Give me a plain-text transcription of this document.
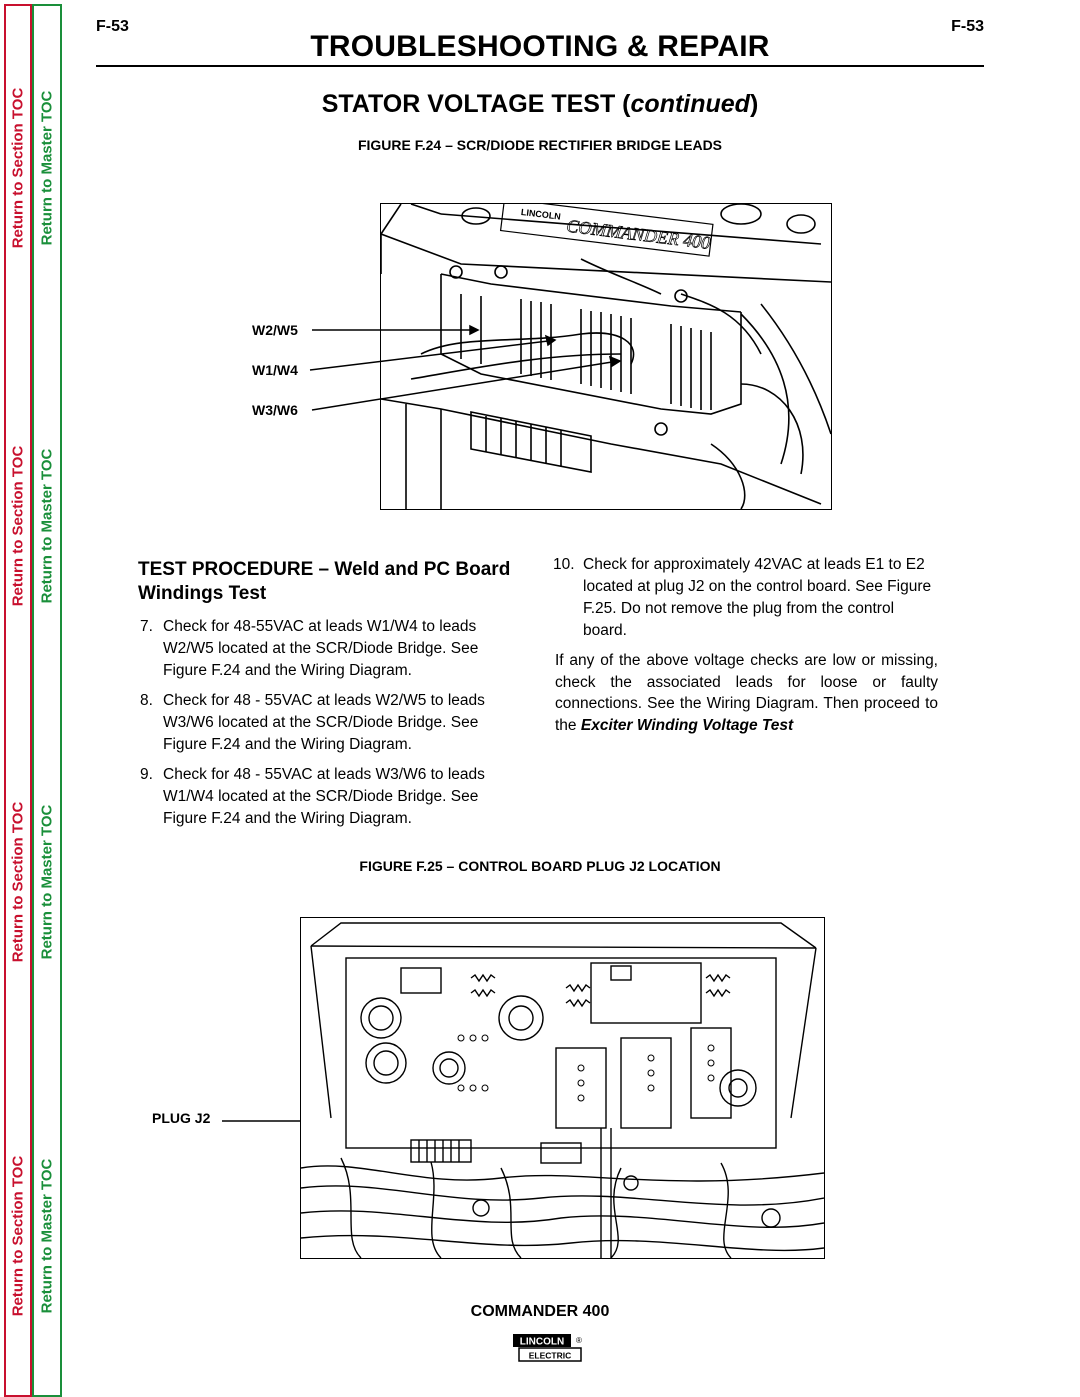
Return to Section TOC
Return to Section TOC
Return to Section TOC
Return to Section TOC
Return to Master TOC
Return to Master TOC
Return to Master TOC
Return to Master TOC
F-53	F-53
TROUBLESHOOTING & REPAIR
STATOR VOLTAGE TEST (continued)
FIGURE F.24 – SCR/DIODE RECTIFIER BRIDGE LEADS
W2/W5
W1/W4
W3/W6
LINCOLN
COMMANDER 400
TEST PROCEDURE – Weld and PC Board Windings Test
7. Check for 48-55VAC at leads W1/W4 to leads W2/W5 located at the SCR/Diode Bridge. See Figure F.24 and the Wiring Diagram.
8. Check for 48 - 55VAC at leads W2/W5 to leads W3/W6 located at the SCR/Diode Bridge. See Figure F.24 and the Wiring Diagram.
9. Check for 48 - 55VAC at leads W3/W6 to leads W1/W4 located at the SCR/Diode Bridge. See Figure F.24 and the Wiring Diagram.
10. Check for approximately 42VAC at leads E1 to E2 located at plug J2 on the control board. See Figure F.25. Do not remove the plug from the control board.
If any of the above voltage checks are low or missing, check the associated leads for loose or faulty connections. See the Wiring Diagram. Then proceed to the Exciter Winding Voltage Test
FIGURE F.25 – CONTROL BOARD PLUG J2 LOCATION
PLUG J2
COMMANDER 400
LINCOLN
ELECTRIC
®
